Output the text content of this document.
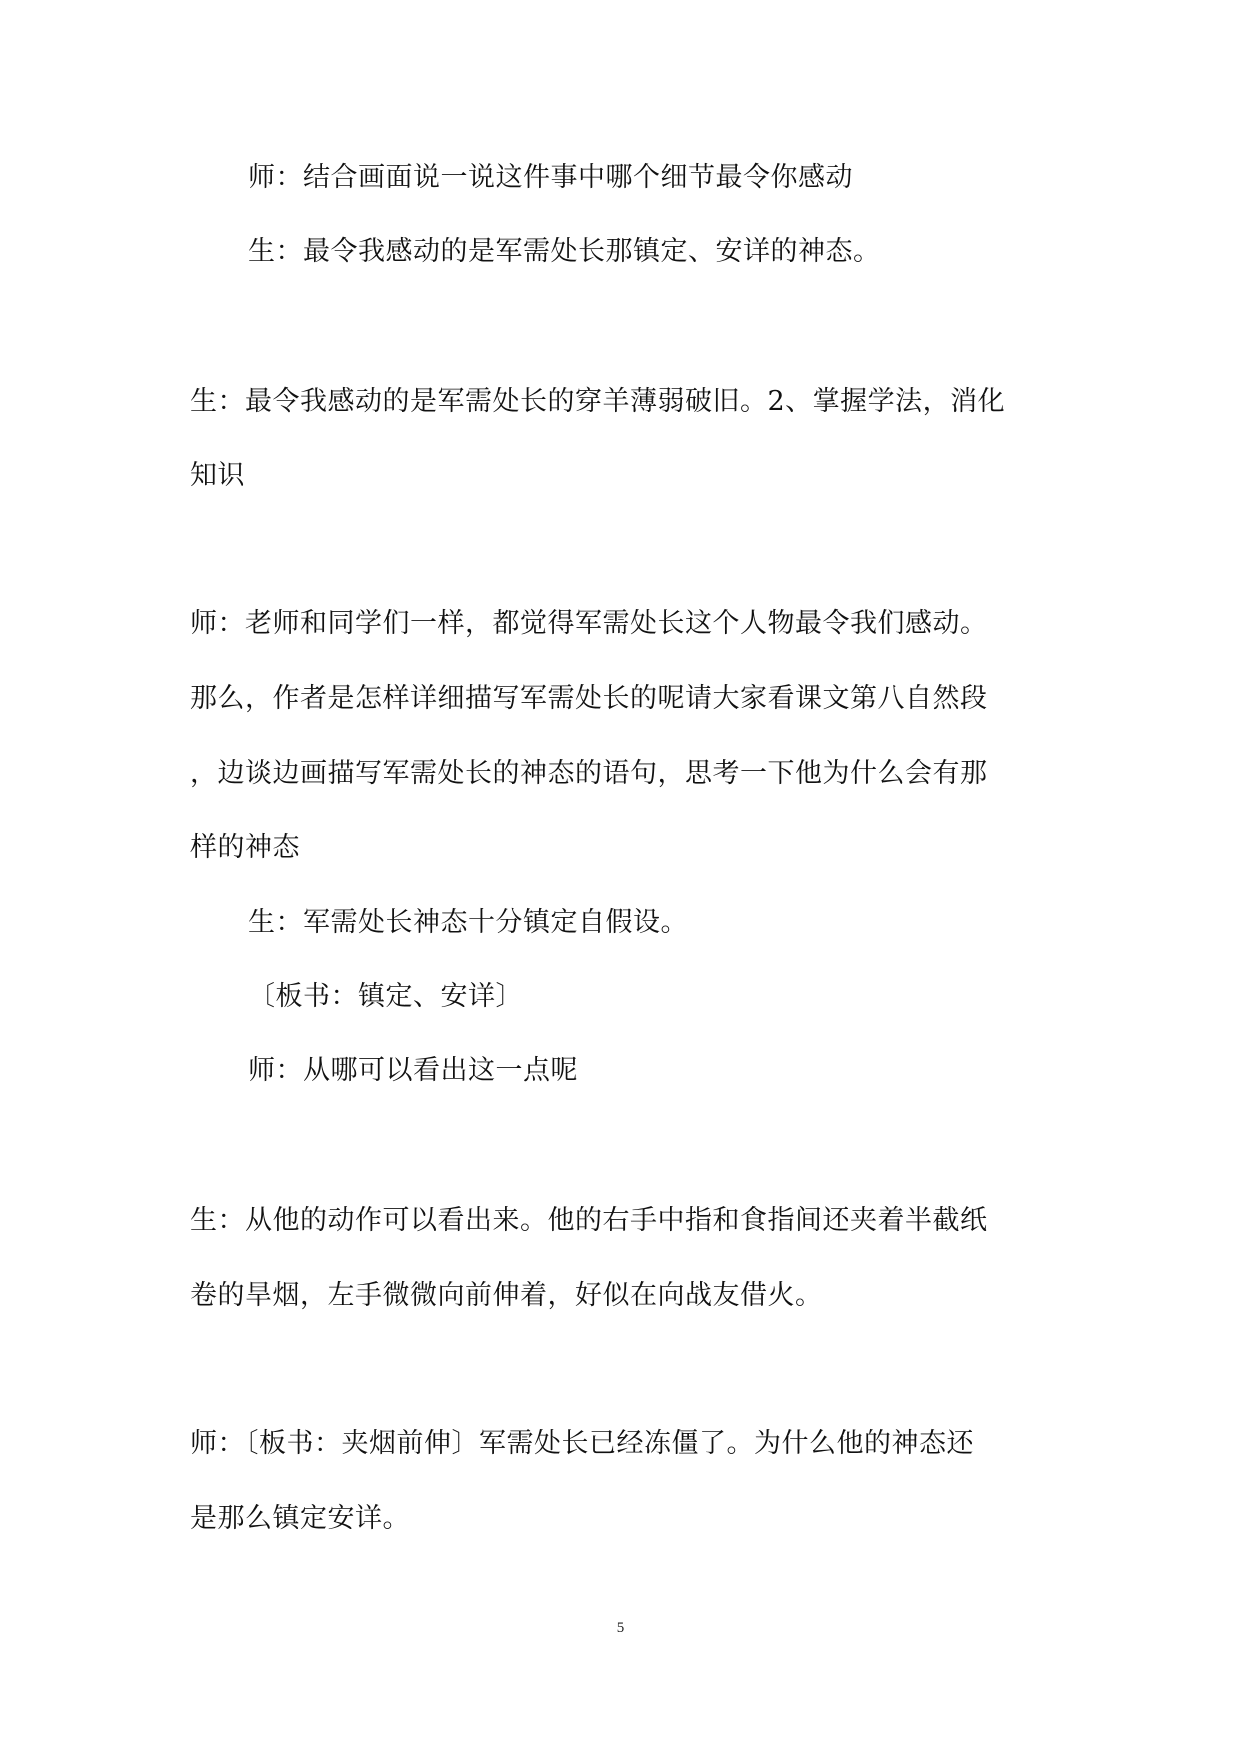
师：结合画面说一说这件事中哪个细节最令你感动
生：最令我感动的是军需处长那镇定、安详的神态。
生：最令我感动的是军需处长的穿羊薄弱破旧。2、掌握学法，消化
知识
师：老师和同学们一样，都觉得军需处长这个人物最令我们感动。
那么，作者是怎样详细描写军需处长的呢请大家看课文第八自然段
，边谈边画描写军需处长的神态的语句，思考一下他为什么会有那
样的神态
生：军需处长神态十分镇定自假设。
〔板书：镇定、安详〕
师：从哪可以看出这一点呢
生：从他的动作可以看出来。他的右手中指和食指间还夹着半截纸
卷的旱烟，左手微微向前伸着，好似在向战友借火。
师：〔板书：夹烟前伸〕军需处长已经冻僵了。为什么他的神态还
是那么镇定安详。
5
